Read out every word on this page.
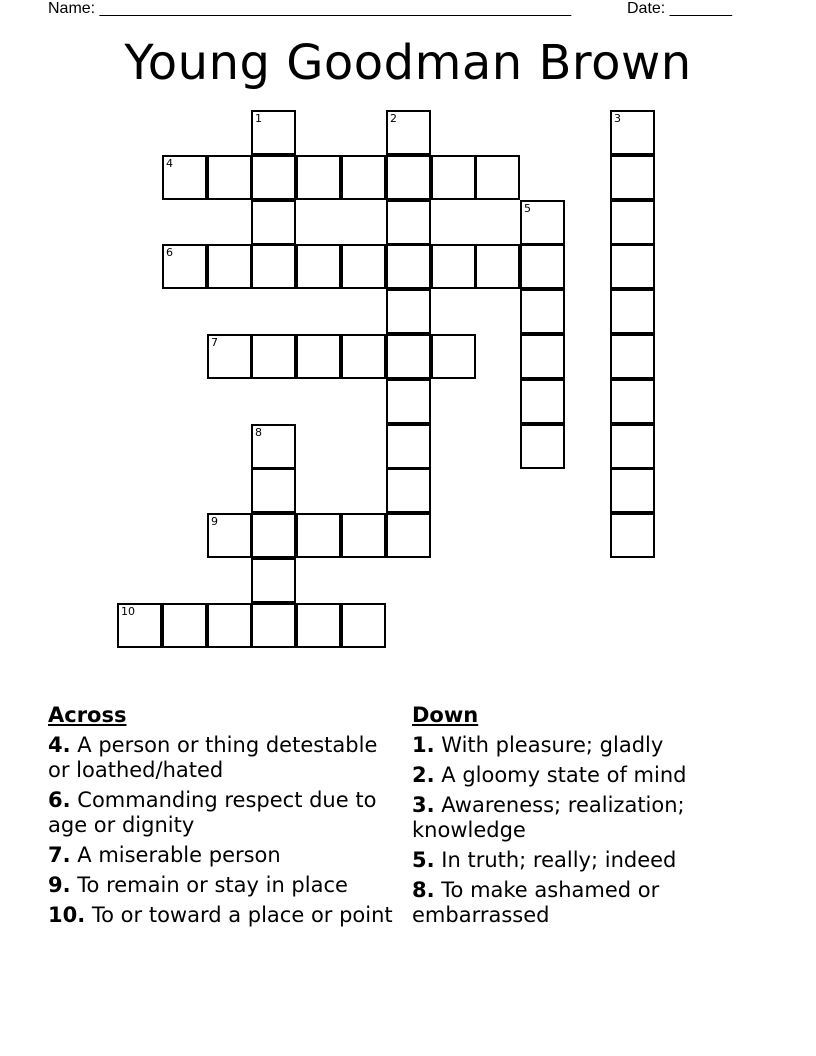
Name: _____________________________________________________	Date: _______
Young Goodman Brown
4
6
7
9
10
1	2	3
5
8
Across
4. A person or thing detestable or loathed/hated
6. Commanding respect due to age or dignity
7. A miserable person
9. To remain or stay in place
10. To or toward a place or point
Down
1. With pleasure; gladly
2. A gloomy state of mind
3. Awareness; realization; knowledge
5. In truth; really; indeed
8. To make ashamed or embarrassed
